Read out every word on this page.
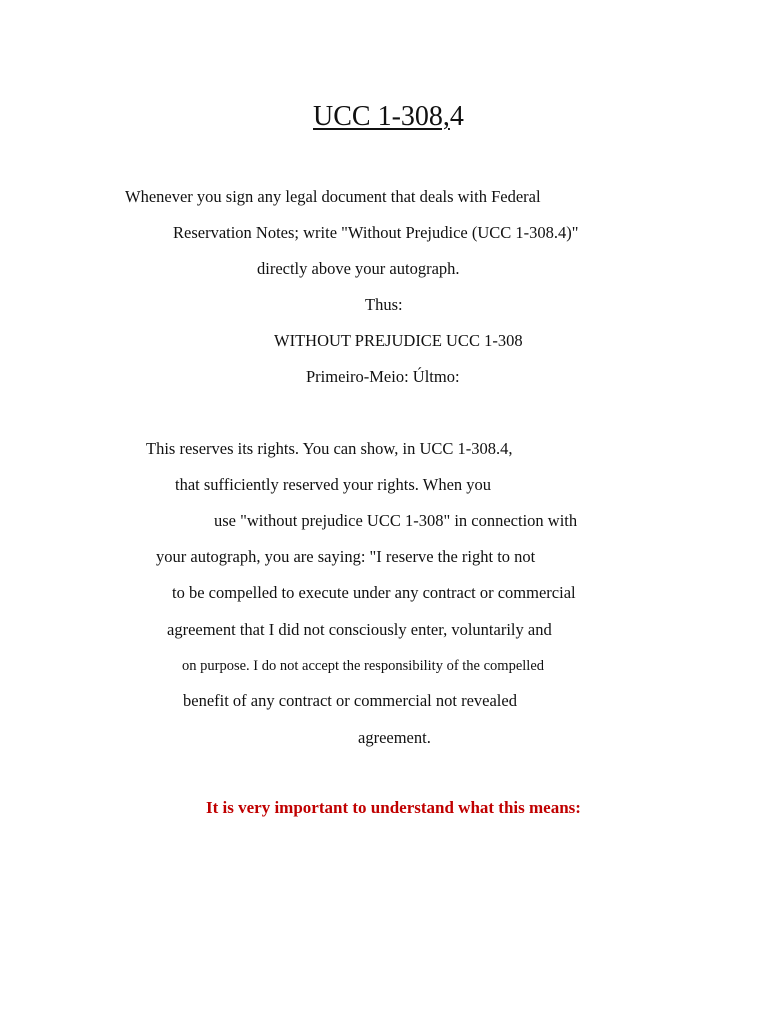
UCC 1-308,4
Whenever you sign any legal document that deals with Federal
Reservation Notes; write "Without Prejudice (UCC 1-308.4)"
directly above your autograph.
Thus:
WITHOUT PREJUDICE UCC 1-308
Primeiro-Meio: Últmo:
This reserves its rights. You can show, in UCC 1-308.4,
that sufficiently reserved your rights. When you
use "without prejudice UCC 1-308" in connection with
your autograph, you are saying: "I reserve the right to not
to be compelled to execute under any contract or commercial
agreement that I did not consciously enter, voluntarily and
on purpose. I do not accept the responsibility of the compelled
benefit of any contract or commercial not revealed
agreement.
It is very important to understand what this means:
